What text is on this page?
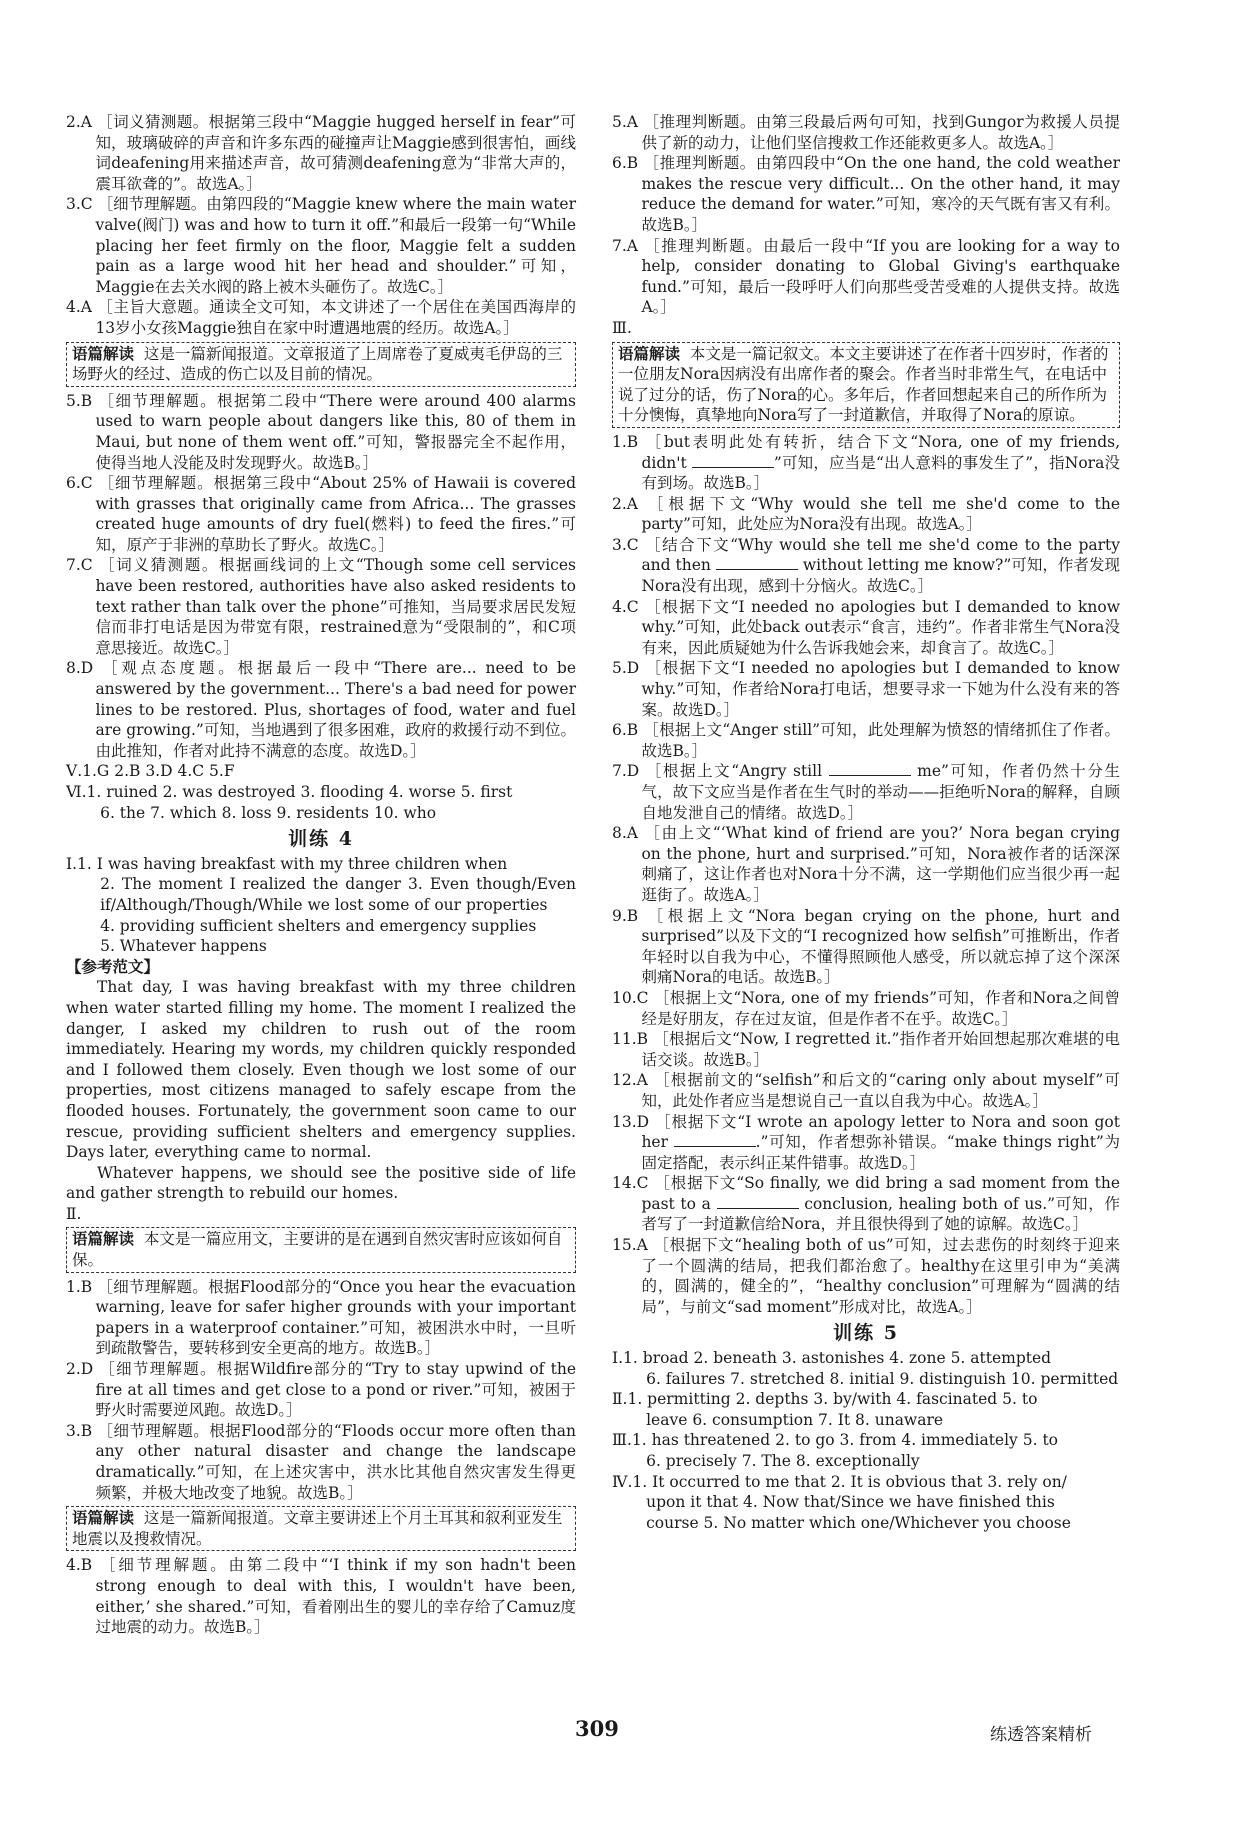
2.A ［词义猜测题。根据第三段中“Maggie hugged herself in fear”可知，玻璃破碎的声音和许多东西的碰撞声让Maggie感到很害怕，画线词deafening用来描述声音，故可猜测deafening意为“非常大声的，震耳欲聋的”。故选A。］

3.C ［细节理解题。由第四段的“Maggie knew where the main water valve(阀门) was and how to turn it off.”和最后一段第一句“While placing her feet firmly on the floor, Maggie felt a sudden pain as a large wood hit her head and shoulder.”可知，Maggie在去关水阀的路上被木头砸伤了。故选C。］

4.A ［主旨大意题。通读全文可知，本文讲述了一个居住在美国西海岸的13岁小女孩Maggie独自在家中时遭遇地震的经历。故选A。］

语篇解读 这是一篇新闻报道。文章报道了上周席卷了夏威夷毛伊岛的三场野火的经过、造成的伤亡以及目前的情况。

5.B ［细节理解题。根据第二段中“There were around 400 alarms used to warn people about dangers like this, 80 of them in Maui, but none of them went off.”可知，警报器完全不起作用，使得当地人没能及时发现野火。故选B。］

6.C ［细节理解题。根据第三段中“About 25% of Hawaii is covered with grasses that originally came from Africa... The grasses created huge amounts of dry fuel(燃料) to feed the fires.”可知，原产于非洲的草助长了野火。故选C。］

7.C ［词义猜测题。根据画线词的上文“Though some cell services have been restored, authorities have also asked residents to text rather than talk over the phone”可推知，当局要求居民发短信而非打电话是因为带宽有限，restrained意为“受限制的”，和C项意思接近。故选C。］

8.D ［观点态度题。根据最后一段中“There are... need to be answered by the government... There's a bad need for power lines to be restored. Plus, shortages of food, water and fuel are growing.”可知，当地遇到了很多困难，政府的救援行动不到位。由此推知，作者对此持不满意的态度。故选D。］

Ⅴ.1.G 2.B 3.D 4.C 5.F

Ⅵ.1. ruined 2. was destroyed 3. flooding 4. worse 5. first

6. the 7. which 8. loss 9. residents 10. who

训练 4

Ⅰ.1. I was having breakfast with my three children when

2. The moment I realized the danger 3. Even though/Even if/Although/Though/While we lost some of our properties

4. providing sufficient shelters and emergency supplies

5. Whatever happens

【参考范文】

That day, I was having breakfast with my three children when water started filling my home. The moment I realized the danger, I asked my children to rush out of the room immediately. Hearing my words, my children quickly responded and I followed them closely. Even though we lost some of our properties, most citizens managed to safely escape from the flooded houses. Fortunately, the government soon came to our rescue, providing sufficient shelters and emergency supplies. Days later, everything came to normal.

Whatever happens, we should see the positive side of life and gather strength to rebuild our homes.

Ⅱ.

语篇解读 本文是一篇应用文，主要讲的是在遇到自然灾害时应该如何自保。

1.B ［细节理解题。根据Flood部分的“Once you hear the evacuation warning, leave for safer higher grounds with your important papers in a waterproof container.”可知，被困洪水中时，一旦听到疏散警告，要转移到安全更高的地方。故选B。］

2.D ［细节理解题。根据Wildfire部分的“Try to stay upwind of the fire at all times and get close to a pond or river.”可知，被困于野火时需要逆风跑。故选D。］

3.B ［细节理解题。根据Flood部分的“Floods occur more often than any other natural disaster and change the landscape dramatically.”可知，在上述灾害中，洪水比其他自然灾害发生得更频繁，并极大地改变了地貌。故选B。］

语篇解读 这是一篇新闻报道。文章主要讲述上个月土耳其和叙利亚发生地震以及搜救情况。

4.B ［细节理解题。由第二段中“‘I think if my son hadn't been strong enough to deal with this, I wouldn't have been, either,’ she shared.”可知，看着刚出生的婴儿的幸存给了Camuz度过地震的动力。故选B。］

5.A ［推理判断题。由第三段最后两句可知，找到Gungor为救援人员提供了新的动力，让他们坚信搜救工作还能救更多人。故选A。］

6.B ［推理判断题。由第四段中“On the one hand, the cold weather makes the rescue very difficult... On the other hand, it may reduce the demand for water.”可知，寒冷的天气既有害又有利。故选B。］

7.A ［推理判断题。由最后一段中“If you are looking for a way to help, consider donating to Global Giving's earthquake fund.”可知，最后一段呼吁人们向那些受苦受难的人提供支持。故选A。］

Ⅲ.

语篇解读 本文是一篇记叙文。本文主要讲述了在作者十四岁时，作者的一位朋友Nora因病没有出席作者的聚会。作者当时非常生气，在电话中说了过分的话，伤了Nora的心。多年后，作者回想起来自己的所作所为十分懊悔，真挚地向Nora写了一封道歉信，并取得了Nora的原谅。

1.B ［but表明此处有转折，结合下文“Nora, one of my friends, didn't	”可知，应当是“出人意料的事发生了”，指Nora没有到场。故选B。］

2.A ［根据下文“Why would she tell me she'd come to the party”可知，此处应为Nora没有出现。故选A。］

3.C ［结合下文“Why would she tell me she'd come to the party and then	without letting me know?”可知，作者发现Nora没有出现，感到十分恼火。故选C。］

4.C ［根据下文“I needed no apologies but I demanded to know why.”可知，此处back out表示“食言，违约”。作者非常生气Nora没有来，因此质疑她为什么告诉我她会来，却食言了。故选C。］

5.D ［根据下文“I needed no apologies but I demanded to know why.”可知，作者给Nora打电话，想要寻求一下她为什么没有来的答案。故选D。］

6.B ［根据上文“Anger still”可知，此处理解为愤怒的情绪抓住了作者。故选B。］

7.D ［根据上文“Angry still	me”可知，作者仍然十分生气，故下文应当是作者在生气时的举动——拒绝听Nora的解释，自顾自地发泄自己的情绪。故选D。］

8.A ［由上文“‘What kind of friend are you?’ Nora began crying on the phone, hurt and surprised.”可知，Nora被作者的话深深刺痛了，这让作者也对Nora十分不满，这一学期他们应当很少再一起逛街了。故选A。］

9.B ［根据上文“Nora began crying on the phone, hurt and surprised”以及下文的“I recognized how selfish”可推断出，作者年轻时以自我为中心，不懂得照顾他人感受，所以就忘掉了这个深深刺痛Nora的电话。故选B。］

10.C ［根据上文“Nora, one of my friends”可知，作者和Nora之间曾经是好朋友，存在过友谊，但是作者不在乎。故选C。］

11.B ［根据后文“Now, I regretted it.”指作者开始回想起那次难堪的电话交谈。故选B。］

12.A ［根据前文的“selfish”和后文的“caring only about myself”可知，此处作者应当是想说自己一直以自我为中心。故选A。］

13.D ［根据下文“I wrote an apology letter to Nora and soon got her	.”可知，作者想弥补错误。“make things right”为固定搭配，表示纠正某件错事。故选D。］

14.C ［根据下文“So finally, we did bring a sad moment from the past to a	conclusion, healing both of us.”可知，作者写了一封道歉信给Nora，并且很快得到了她的谅解。故选C。］

15.A ［根据下文“healing both of us”可知，过去悲伤的时刻终于迎来了一个圆满的结局，把我们都治愈了。healthy在这里引申为“美满的，圆满的，健全的”，“healthy conclusion”可理解为“圆满的结局”，与前文“sad moment”形成对比，故选A。］

训练 5

Ⅰ.1. broad 2. beneath 3. astonishes 4. zone 5. attempted

6. failures 7. stretched 8. initial 9. distinguish 10. permitted

Ⅱ.1. permitting 2. depths 3. by/with 4. fascinated 5. to

leave 6. consumption 7. It 8. unaware

Ⅲ.1. has threatened 2. to go 3. from 4. immediately 5. to

6. precisely 7. The 8. exceptionally

Ⅳ.1. It occurred to me that 2. It is obvious that 3. rely on/

upon it that 4. Now that/Since we have finished this

course 5. No matter which one/Whichever you choose

309	练透答案精析
